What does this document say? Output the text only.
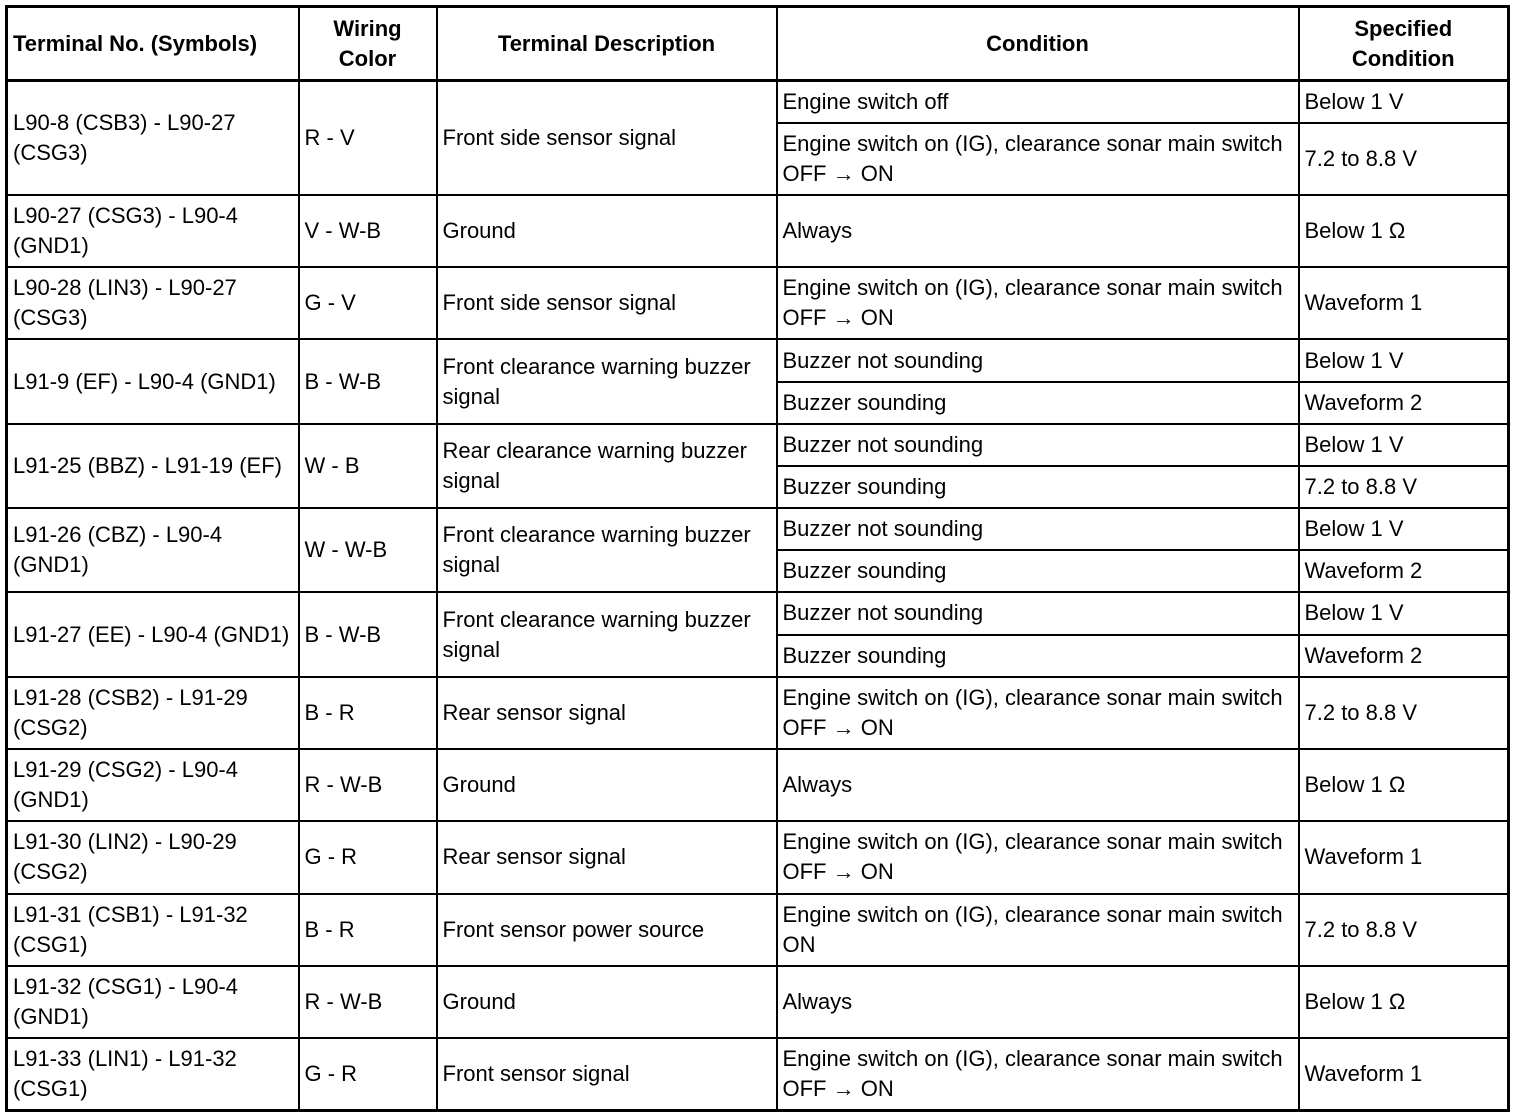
Terminal No. (Symbols)	Wiring Color	Terminal Description	Condition	Specified Condition
L90-8 (CSB3) - L90-27 (CSG3)	R - V	Front side sensor signal	Engine switch off	Below 1 V
			Engine switch on (IG), clearance sonar main switch OFF → ON	7.2 to 8.8 V
L90-27 (CSG3) - L90-4 (GND1)	V - W-B	Ground	Always	Below 1 Ω
L90-28 (LIN3) - L90-27 (CSG3)	G - V	Front side sensor signal	Engine switch on (IG), clearance sonar main switch OFF → ON	Waveform 1
L91-9 (EF) - L90-4 (GND1)	B - W-B	Front clearance warning buzzer signal	Buzzer not sounding	Below 1 V
			Buzzer sounding	Waveform 2
L91-25 (BBZ) - L91-19 (EF)	W - B	Rear clearance warning buzzer signal	Buzzer not sounding	Below 1 V
			Buzzer sounding	7.2 to 8.8 V
L91-26 (CBZ) - L90-4 (GND1)	W - W-B	Front clearance warning buzzer signal	Buzzer not sounding	Below 1 V
			Buzzer sounding	Waveform 2
L91-27 (EE) - L90-4 (GND1)	B - W-B	Front clearance warning buzzer signal	Buzzer not sounding	Below 1 V
			Buzzer sounding	Waveform 2
L91-28 (CSB2) - L91-29 (CSG2)	B - R	Rear sensor signal	Engine switch on (IG), clearance sonar main switch OFF → ON	7.2 to 8.8 V
L91-29 (CSG2) - L90-4 (GND1)	R - W-B	Ground	Always	Below 1 Ω
L91-30 (LIN2) - L90-29 (CSG2)	G - R	Rear sensor signal	Engine switch on (IG), clearance sonar main switch OFF → ON	Waveform 1
L91-31 (CSB1) - L91-32 (CSG1)	B - R	Front sensor power source	Engine switch on (IG), clearance sonar main switch ON	7.2 to 8.8 V
L91-32 (CSG1) - L90-4 (GND1)	R - W-B	Ground	Always	Below 1 Ω
L91-33 (LIN1) - L91-32 (CSG1)	G - R	Front sensor signal	Engine switch on (IG), clearance sonar main switch OFF → ON	Waveform 1
